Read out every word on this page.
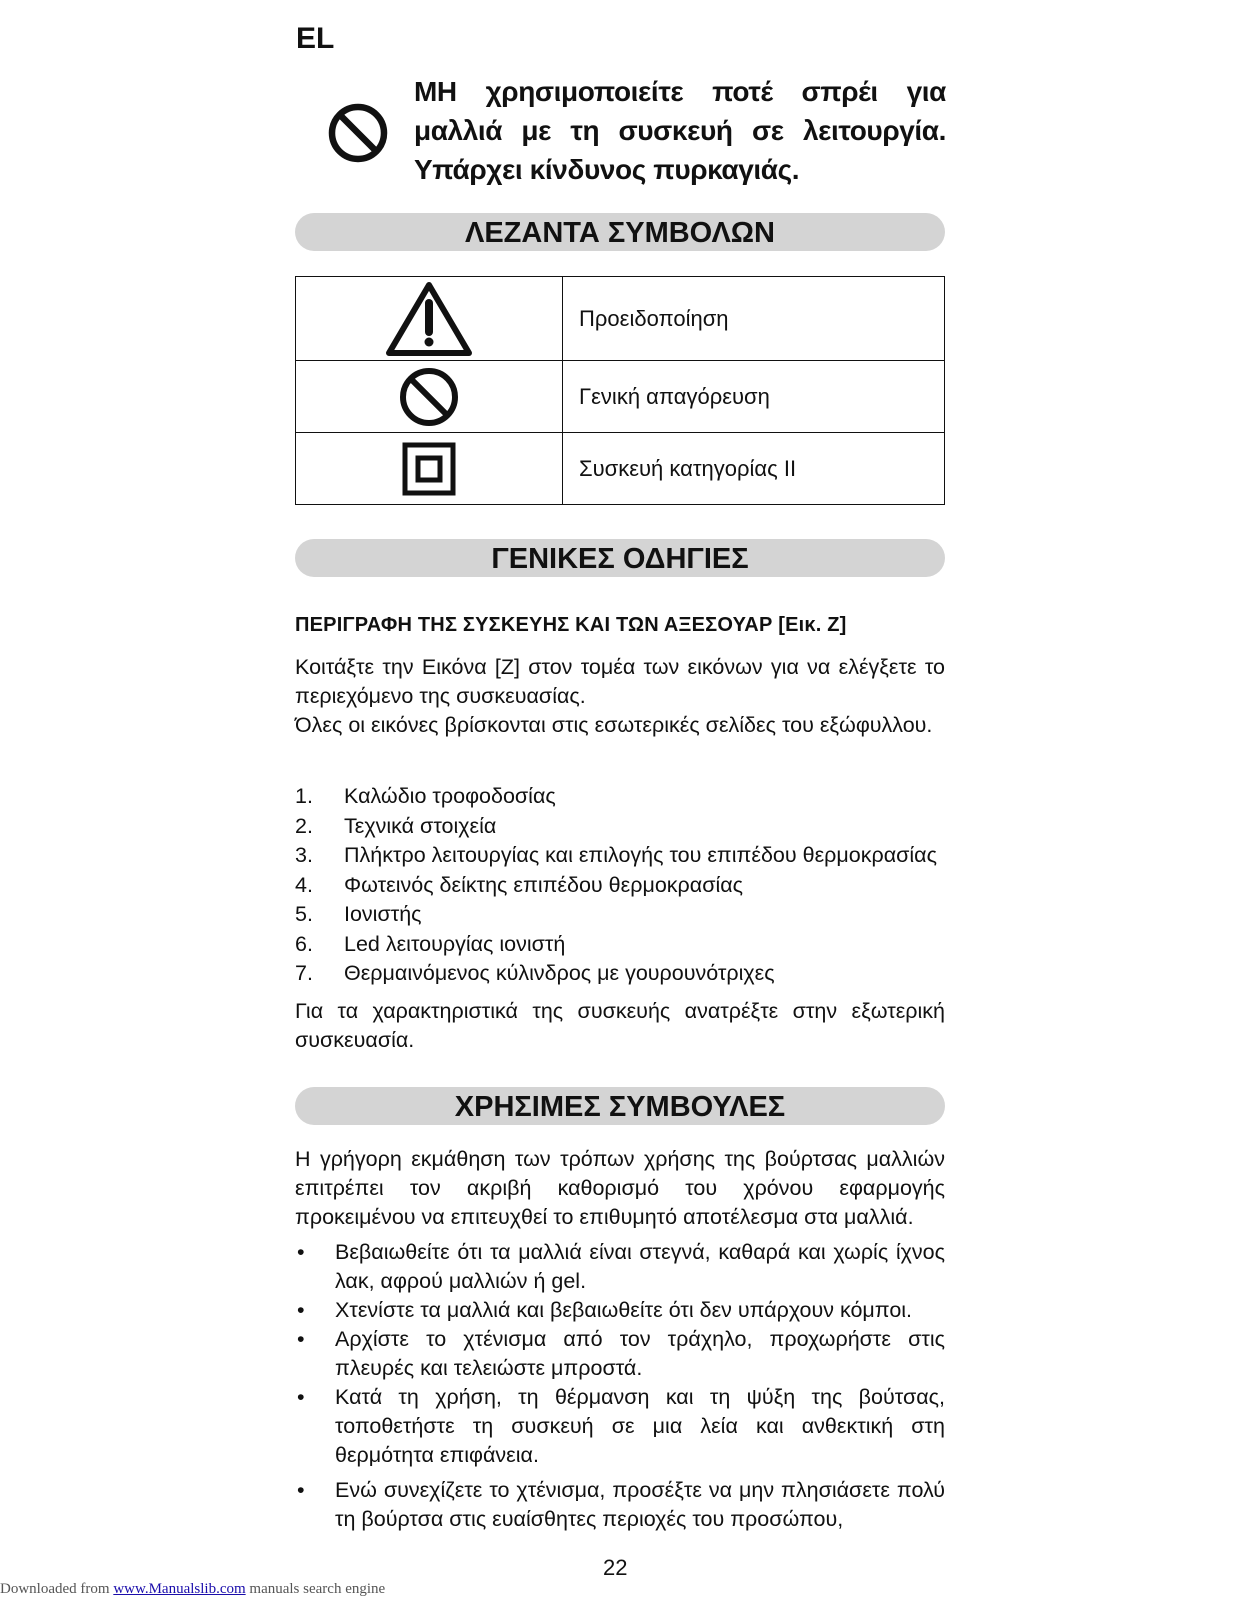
EL
ΜΗ χρησιμοποιείτε ποτέ σπρέι για μαλλιά με τη συσκευή σε λειτουργία. Υπάρχει κίνδυνος πυρκαγιάς.
ΛΕΖΑΝΤΑ ΣΥΜΒΟΛΩΝ
	Προειδοποίηση

	Γενική απαγόρευση

	Συσκευή κατηγορίας II
ΓΕΝΙΚΕΣ ΟΔΗΓΙΕΣ
ΠΕΡΙΓΡΑΦΗ ΤΗΣ ΣΥΣΚΕΥΗΣ ΚΑΙ ΤΩΝ ΑΞΕΣΟΥΑΡ [Εικ. Z]
Κοιτάξτε την Εικόνα [Z] στον τομέα των εικόνων για να ελέγξετε το περιεχόμενο της συσκευασίας.
Όλες οι εικόνες βρίσκονται στις εσωτερικές σελίδες του εξώφυλλου.
1.	Καλώδιο τροφοδοσίας
2.	Τεχνικά στοιχεία
3.	Πλήκτρο λειτουργίας και επιλογής του επιπέδου θερμοκρασίας
4.	Φωτεινός δείκτης επιπέδου θερμοκρασίας
5.	Ιονιστής
6.	Led λειτουργίας ιονιστή
7.	Θερμαινόμενος κύλινδρος με γουρουνότριχες
Για τα χαρακτηριστικά της συσκευής ανατρέξτε στην εξωτερική συσκευασία.
ΧΡΗΣΙΜΕΣ ΣΥΜΒΟΥΛΕΣ
Η γρήγορη εκμάθηση των τρόπων χρήσης της βούρτσας μαλλιών επιτρέπει τον ακριβή καθορισμό του χρόνου εφαρμογής προκειμένου να επιτευχθεί το επιθυμητό αποτέλεσμα στα μαλλιά.
•	Βεβαιωθείτε ότι τα μαλλιά είναι στεγνά, καθαρά και χωρίς ίχνος λακ, αφρού μαλλιών ή gel.
•	Χτενίστε τα μαλλιά και βεβαιωθείτε ότι δεν υπάρχουν κόμποι.
•	Αρχίστε το χτένισμα από τον τράχηλο, προχωρήστε στις πλευρές και τελειώστε μπροστά.
•	Κατά τη χρήση, τη θέρμανση και τη ψύξη της βούτσας, τοποθετήστε τη συσκευή σε μια λεία και ανθεκτική στη θερμότητα επιφάνεια.
•	Ενώ συνεχίζετε το χτένισμα, προσέξτε να μην πλησιάσετε πολύ τη βούρτσα στις ευαίσθητες περιοχές του προσώπου,
22
Downloaded from www.Manualslib.com manuals search engine
